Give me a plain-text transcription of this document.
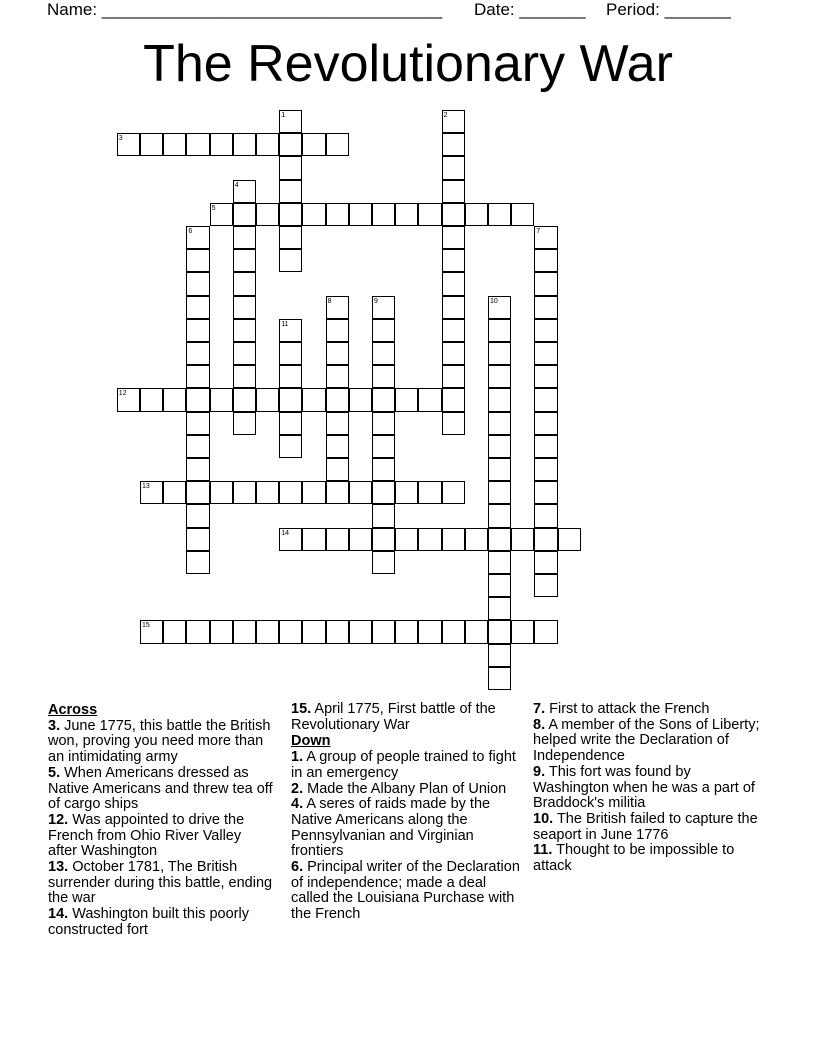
Name: ____________________________________ Date: _______ Period: _______
The Revolutionary War
1	2
3
4
5
6	7
8	9	10
11
12
13
14
15
Across
3. June 1775, this battle the British won, proving you need more than an intimidating army
5. When Americans dressed as Native Americans and threw tea off of cargo ships
12. Was appointed to drive the French from Ohio River Valley after Washington
13. October 1781, The British surrender during this battle, ending the war
14. Washington built this poorly constructed fort
15. April 1775, First battle of the Revolutionary War
Down
1. A group of people trained to fight in an emergency
2. Made the Albany Plan of Union
4. A seres of raids made by the Native Americans along the Pennsylvanian and Virginian frontiers
6. Principal writer of the Declaration of independence; made a deal called the Louisiana Purchase with the French
7. First to attack the French
8. A member of the Sons of Liberty; helped write the Declaration of Independence
9. This fort was found by Washington when he was a part of Braddock's militia
10. The British failed to capture the seaport in June 1776
11. Thought to be impossible to attack
